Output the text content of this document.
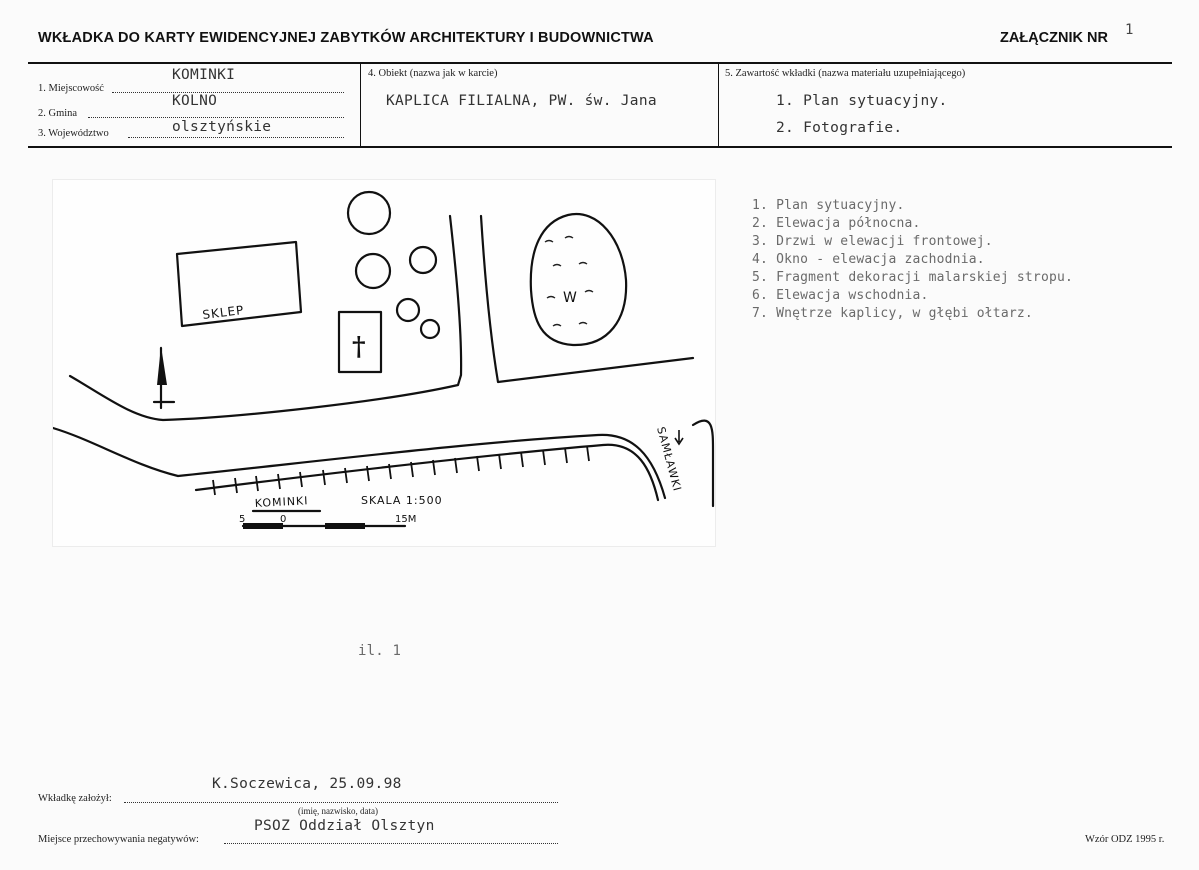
WKŁADKA DO KARTY EWIDENCYJNEJ ZABYTKÓW ARCHITEKTURY I BUDOWNICTWA	ZAŁĄCZNIK NR 1
1. Miejscowość
KOMINKI
2. Gmina
KOLNO
3. Województwo	olsztyńskie
4. Obiekt (nazwa jak w karcie)
KAPLICA FILIALNA, PW. św. Jana
5. Zawartość wkładki (nazwa materiału uzupełniającego)
1. Plan sytuacyjny.
2. Fotografie.
SKLEP
†
W
SAMŁAWKI
KOMINKI	SKALA 1:500
5	0	15M
1. Plan sytuacyjny.
2. Elewacja północna.
3. Drzwi w elewacji frontowej.
4. Okno - elewacja zachodnia.
5. Fragment dekoracji malarskiej stropu.
6. Elewacja wschodnia.
7. Wnętrze kaplicy, w głębi ołtarz.
il. 1
Wkładkę założył:
K.Soczewica, 25.09.98
(imię, nazwisko, data)
Miejsce przechowywania negatywów:
PSOZ Oddział Olsztyn
Wzór ODZ 1995 r.
